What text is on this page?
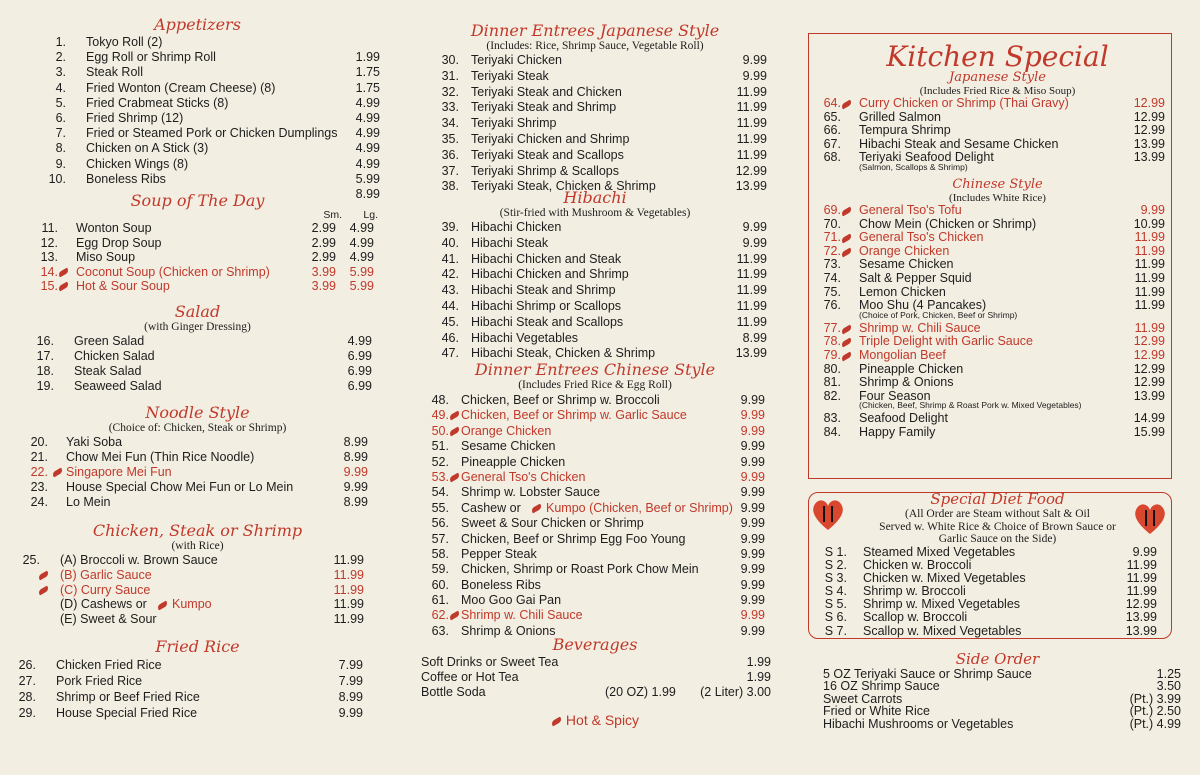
Appetizers
1. Tokyo Roll (2)
2. Egg Roll or Shrimp Roll	1.99
3. Steak Roll	1.75
4. Fried Wonton (Cream Cheese) (8)	1.75
5. Fried Crabmeat Sticks (8)	4.99
6. Fried Shrimp (12)	4.99
7. Fried or Steamed Pork or Chicken Dumplings	4.99
8. Chicken on A Stick (3)	4.99
9. Chicken Wings (8)	4.99
10. Boneless Ribs	5.99
8.99
Soup of The Day
Sm.	Lg.
11. Wonton Soup	2.99	4.99
12. Egg Drop Soup	2.99	4.99
13. Miso Soup	2.99	4.99
14. Coconut Soup (Chicken or Shrimp)	3.99	5.99
15. Hot & Sour Soup	3.99	5.99
Salad
(with Ginger Dressing)
16. Green Salad	4.99
17. Chicken Salad	6.99
18. Steak Salad	6.99
19. Seaweed Salad	6.99
Noodle Style
(Choice of: Chicken, Steak or Shrimp)
20. Yaki Soba	8.99
21. Chow Mei Fun (Thin Rice Noodle)	8.99
22. Singapore Mei Fun	9.99
23. House Special Chow Mei Fun or Lo Mein	9.99
24. Lo Mein	8.99
Chicken, Steak or Shrimp
(with Rice)
25. (A) Broccoli w. Brown Sauce	11.99
(B) Garlic Sauce	11.99
(C) Curry Sauce	11.99
(D) Cashews or	Kumpo	11.99
(E) Sweet & Sour	11.99
Fried Rice
26. Chicken Fried Rice	7.99
27. Pork Fried Rice	7.99
28. Shrimp or Beef Fried Rice	8.99
29. House Special Fried Rice	9.99
Dinner Entrees Japanese Style
(Includes: Rice, Shrimp Sauce, Vegetable Roll)
30. Teriyaki Chicken	9.99
31. Teriyaki Steak	9.99
32. Teriyaki Steak and Chicken	11.99
33. Teriyaki Steak and Shrimp	11.99
34. Teriyaki Shrimp	11.99
35. Teriyaki Chicken and Shrimp	11.99
36. Teriyaki Steak and Scallops	11.99
37. Teriyaki Shrimp & Scallops	12.99
38. Teriyaki Steak, Chicken & Shrimp	13.99
Hibachi
(Stir-fried with Mushroom & Vegetables)
39. Hibachi Chicken	9.99
40. Hibachi Steak	9.99
41. Hibachi Chicken and Steak	11.99
42. Hibachi Chicken and Shrimp	11.99
43. Hibachi Steak and Shrimp	11.99
44. Hibachi Shrimp or Scallops	11.99
45. Hibachi Steak and Scallops	11.99
46. Hibachi Vegetables	8.99
47. Hibachi Steak, Chicken & Shrimp	13.99
Dinner Entrees Chinese Style
(Includes Fried Rice & Egg Roll)
48. Chicken, Beef or Shrimp w. Broccoli	9.99
49. Chicken, Beef or Shrimp w. Garlic Sauce	9.99
50. Orange Chicken	9.99
51. Sesame Chicken	9.99
52. Pineapple Chicken	9.99
53. General Tso's Chicken	9.99
54. Shrimp w. Lobster Sauce	9.99
55. Cashew or	Kumpo (Chicken, Beef or Shrimp) 9.99
56. Sweet & Sour Chicken or Shrimp	9.99
57. Chicken, Beef or Shrimp Egg Foo Young	9.99
58. Pepper Steak	9.99
59. Chicken, Shrimp or Roast Pork Chow Mein	9.99
60. Boneless Ribs	9.99
61. Moo Goo Gai Pan	9.99
62. Shrimp w. Chili Sauce	9.99
63. Shrimp & Onions	9.99
Beverages
Soft Drinks or Sweet Tea	1.99
Coffee or Hot Tea	1.99
Bottle Soda	(20 OZ) 1.99	(2 Liter) 3.00
Hot & Spicy
Kitchen Special
Japanese Style
(Includes Fried Rice & Miso Soup)
64. Curry Chicken or Shrimp (Thai Gravy)	12.99
65. Grilled Salmon	12.99
66. Tempura Shrimp	12.99
67. Hibachi Steak and Sesame Chicken	13.99
68. Teriyaki Seafood Delight	13.99
(Salmon, Scallops & Shrimp)
Chinese Style
(Includes White Rice)
69. General Tso's Tofu	9.99
70. Chow Mein (Chicken or Shrimp)	10.99
71. General Tso's Chicken	11.99
72. Orange Chicken	11.99
73. Sesame Chicken	11.99
74. Salt & Pepper Squid	11.99
75. Lemon Chicken	11.99
76. Moo Shu (4 Pancakes)	11.99
(Choice of Pork, Chicken, Beef or Shrimp)
77. Shrimp w. Chili Sauce	11.99
78. Triple Delight with Garlic Sauce	12.99
79. Mongolian Beef	12.99
80. Pineapple Chicken	12.99
81. Shrimp & Onions	12.99
82. Four Season	13.99
(Chicken, Beef, Shrimp & Roast Pork w. Mixed Vegetables)
83. Seafood Delight	14.99
84. Happy Family	15.99
Special Diet Food
(All Order are Steam without Salt & Oil
Served w. White Rice & Choice of Brown Sauce or
Garlic Sauce on the Side)
S 1. Steamed Mixed Vegetables	9.99
S 2. Chicken w. Broccoli	11.99
S 3. Chicken w. Mixed Vegetables	11.99
S 4. Shrimp w. Broccoli	11.99
S 5. Shrimp w. Mixed Vegetables	12.99
S 6. Scallop w. Broccoli	13.99
S 7. Scallop w. Mixed Vegetables	13.99
Side Order
5 OZ Teriyaki Sauce or Shrimp Sauce	1.25
16 OZ Shrimp Sauce	3.50
Sweet Carrots	(Pt.) 3.99
Fried or White Rice	(Pt.) 2.50
Hibachi Mushrooms or Vegetables	(Pt.) 4.99
